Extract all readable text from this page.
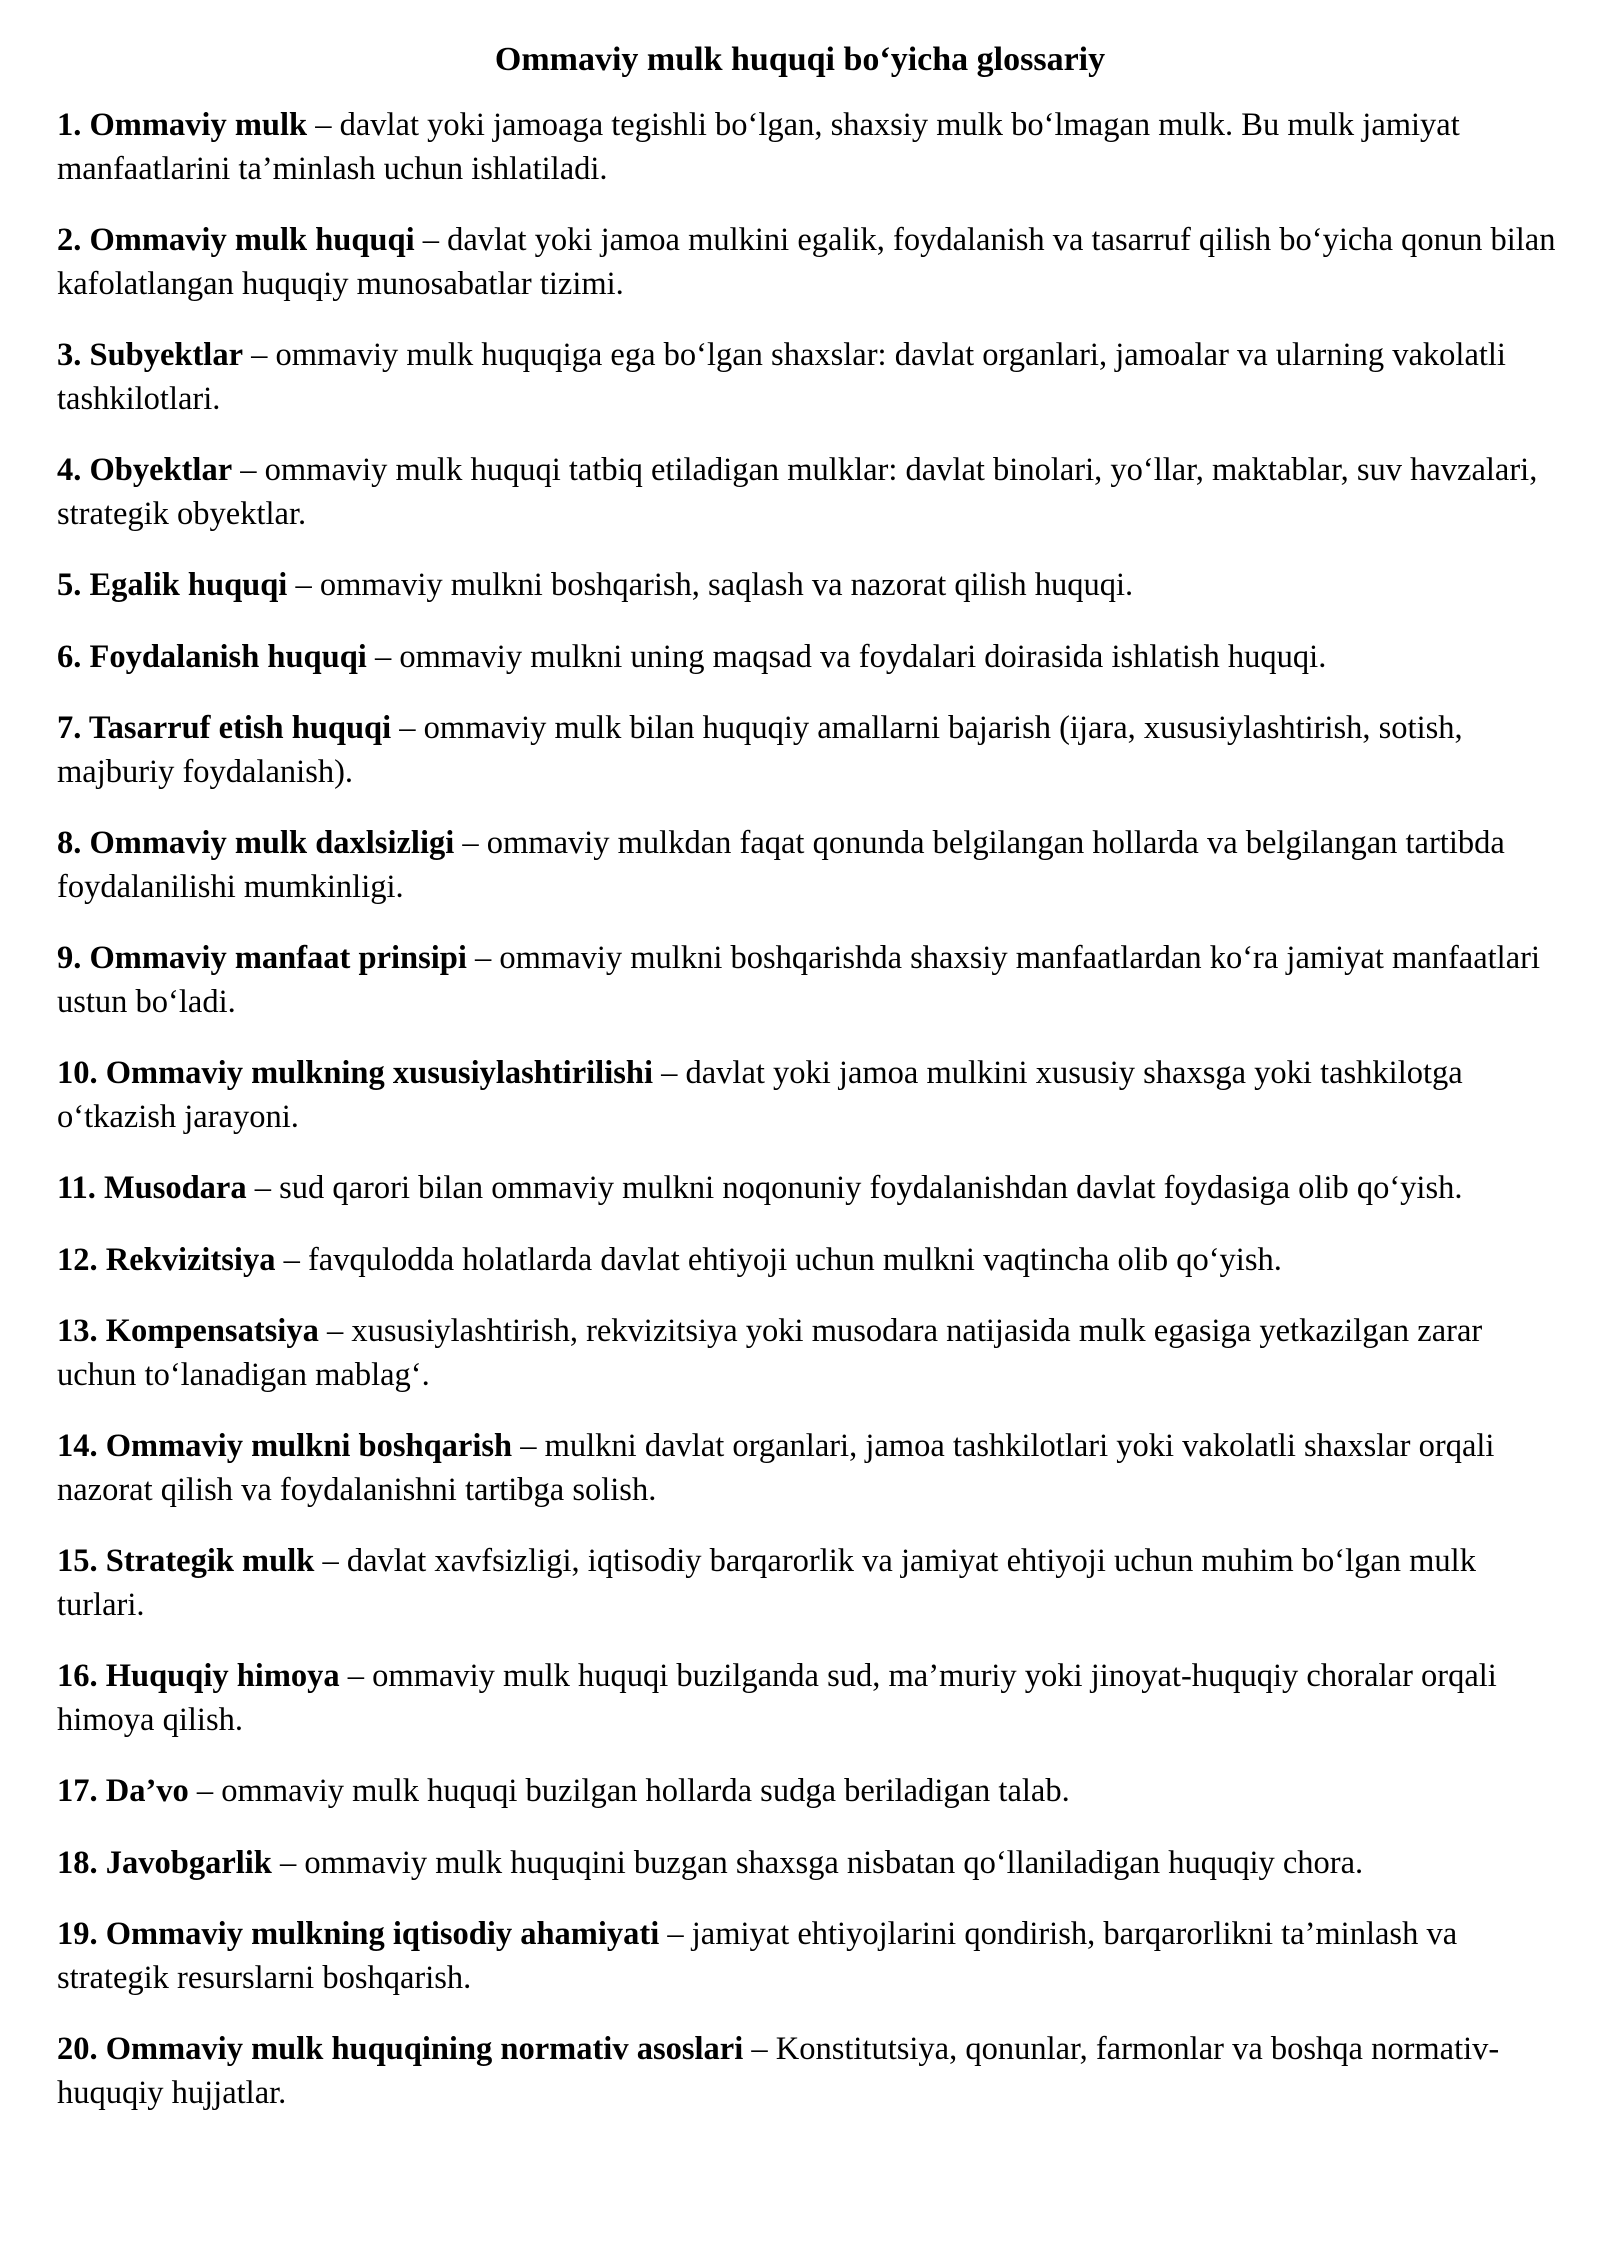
Ommaviy mulk huquqi bo‘yicha glossariy
1. Ommaviy mulk – davlat yoki jamoaga tegishli bo‘lgan, shaxsiy mulk bo‘lmagan mulk. Bu mulk jamiyat manfaatlarini ta’minlash uchun ishlatiladi.
2. Ommaviy mulk huquqi – davlat yoki jamoa mulkini egalik, foydalanish va tasarruf qilish bo‘yicha qonun bilan kafolatlangan huquqiy munosabatlar tizimi.
3. Subyektlar – ommaviy mulk huquqiga ega bo‘lgan shaxslar: davlat organlari, jamoalar va ularning vakolatli tashkilotlari.
4. Obyektlar – ommaviy mulk huquqi tatbiq etiladigan mulklar: davlat binolari, yo‘llar, maktablar, suv havzalari, strategik obyektlar.
5. Egalik huquqi – ommaviy mulkni boshqarish, saqlash va nazorat qilish huquqi.
6. Foydalanish huquqi – ommaviy mulkni uning maqsad va foydalari doirasida ishlatish huquqi.
7. Tasarruf etish huquqi – ommaviy mulk bilan huquqiy amallarni bajarish (ijara, xususiylashtirish, sotish, majburiy foydalanish).
8. Ommaviy mulk daxlsizligi – ommaviy mulkdan faqat qonunda belgilangan hollarda va belgilangan tartibda foydalanilishi mumkinligi.
9. Ommaviy manfaat prinsipi – ommaviy mulkni boshqarishda shaxsiy manfaatlardan ko‘ra jamiyat manfaatlari ustun bo‘ladi.
10. Ommaviy mulkning xususiylashtirilishi – davlat yoki jamoa mulkini xususiy shaxsga yoki tashkilotga o‘tkazish jarayoni.
11. Musodara – sud qarori bilan ommaviy mulkni noqonuniy foydalanishdan davlat foydasiga olib qo‘yish.
12. Rekvizitsiya – favqulodda holatlarda davlat ehtiyoji uchun mulkni vaqtincha olib qo‘yish.
13. Kompensatsiya – xususiylashtirish, rekvizitsiya yoki musodara natijasida mulk egasiga yetkazilgan zarar uchun to‘lanadigan mablag‘.
14. Ommaviy mulkni boshqarish – mulkni davlat organlari, jamoa tashkilotlari yoki vakolatli shaxslar orqali nazorat qilish va foydalanishni tartibga solish.
15. Strategik mulk – davlat xavfsizligi, iqtisodiy barqarorlik va jamiyat ehtiyoji uchun muhim bo‘lgan mulk turlari.
16. Huquqiy himoya – ommaviy mulk huquqi buzilganda sud, ma’muriy yoki jinoyat-huquqiy choralar orqali himoya qilish.
17. Da’vo – ommaviy mulk huquqi buzilgan hollarda sudga beriladigan talab.
18. Javobgarlik – ommaviy mulk huquqini buzgan shaxsga nisbatan qo‘llaniladigan huquqiy chora.
19. Ommaviy mulkning iqtisodiy ahamiyati – jamiyat ehtiyojlarini qondirish, barqarorlikni ta’minlash va strategik resurslarni boshqarish.
20. Ommaviy mulk huquqining normativ asoslari – Konstitutsiya, qonunlar, farmonlar va boshqa normativ-huquqiy hujjatlar.
